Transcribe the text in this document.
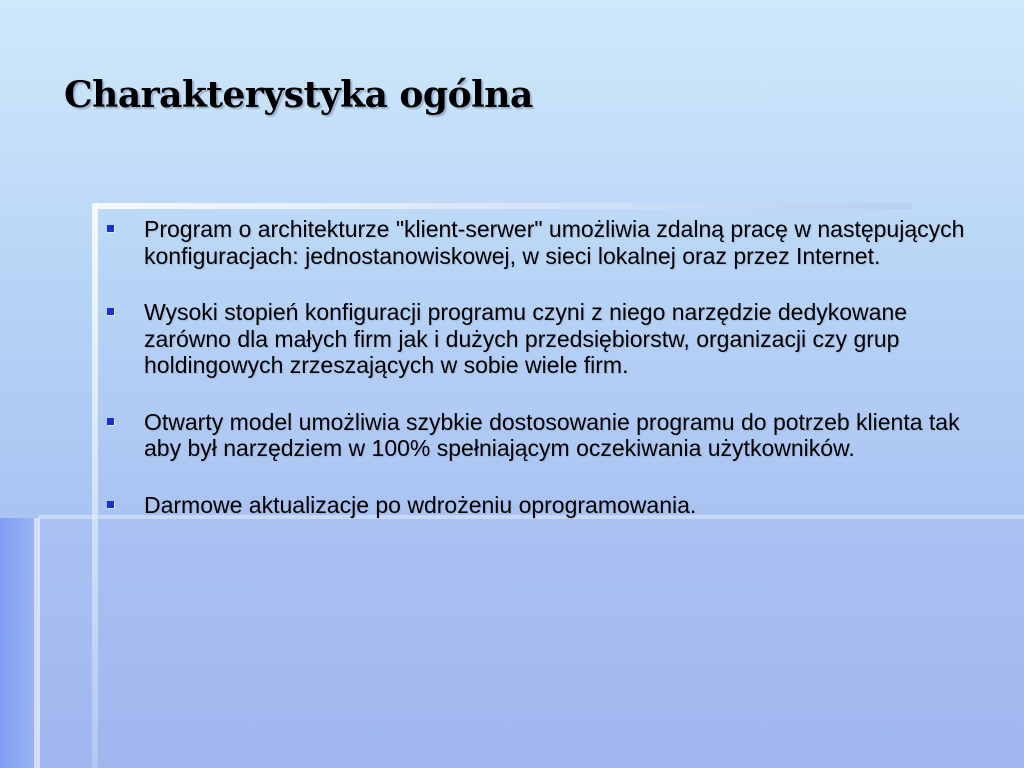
Charakterystyka ogólna
Program o architekturze "klient-serwer" umożliwia zdalną pracę w następujących konfiguracjach: jednostanowiskowej, w sieci lokalnej oraz przez Internet.
Wysoki stopień konfiguracji programu czyni z niego narzędzie dedykowane zarówno dla małych firm jak i dużych przedsiębiorstw, organizacji czy grup holdingowych zrzeszających w sobie wiele firm.
Otwarty model umożliwia szybkie dostosowanie programu do potrzeb klienta tak aby był narzędziem w 100% spełniającym oczekiwania użytkowników.
Darmowe aktualizacje po wdrożeniu oprogramowania.
